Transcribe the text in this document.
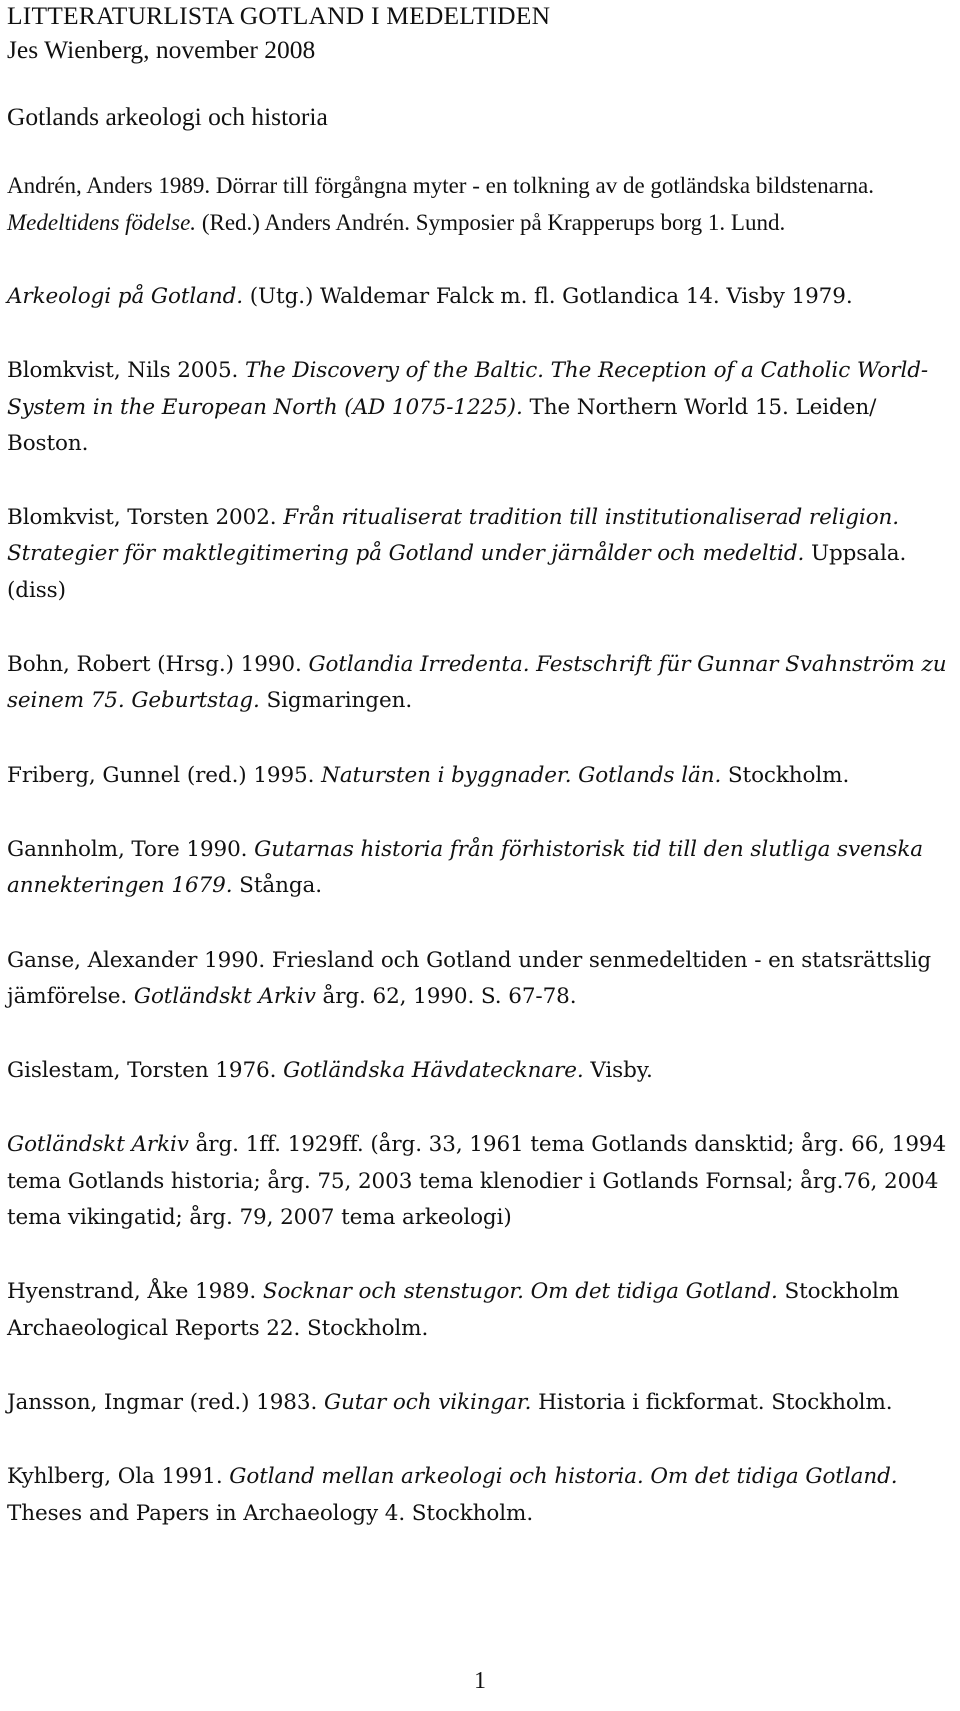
LITTERATURLISTA GOTLAND I MEDELTIDEN

Jes Wienberg, november 2008

Gotlands arkeologi och historia

Andrén, Anders 1989. Dörrar till förgångna myter - en tolkning av de gotländska bildstenarna. Medeltidens födelse. (Red.) Anders Andrén. Symposier på Krapperups borg 1. Lund.

Arkeologi på Gotland. (Utg.) Waldemar Falck m. fl. Gotlandica 14. Visby 1979.

Blomkvist, Nils 2005. The Discovery of the Baltic. The Reception of a Catholic World-System in the European North (AD 1075-1225). The Northern World 15. Leiden/ Boston.

Blomkvist, Torsten 2002. Från ritualiserat tradition till institutionaliserad religion. Strategier för maktlegitimering på Gotland under järnålder och medeltid. Uppsala. (diss)

Bohn, Robert (Hrsg.) 1990. Gotlandia Irredenta. Festschrift für Gunnar Svahnström zu seinem 75. Geburtstag. Sigmaringen.

Friberg, Gunnel (red.) 1995. Natursten i byggnader. Gotlands län. Stockholm.

Gannholm, Tore 1990. Gutarnas historia från förhistorisk tid till den slutliga svenska annekteringen 1679. Stånga.

Ganse, Alexander 1990. Friesland och Gotland under senmedeltiden - en statsrättslig jämförelse. Gotländskt Arkiv årg. 62, 1990. S. 67-78.

Gislestam, Torsten 1976. Gotländska Hävdatecknare. Visby.

Gotländskt Arkiv årg. 1ff. 1929ff. (årg. 33, 1961 tema Gotlands dansktid; årg. 66, 1994 tema Gotlands historia; årg. 75, 2003 tema klenodier i Gotlands Fornsal; årg.76, 2004 tema vikingatid; årg. 79, 2007 tema arkeologi)

Hyenstrand, Åke 1989. Socknar och stenstugor. Om det tidiga Gotland. Stockholm Archaeological Reports 22. Stockholm.

Jansson, Ingmar (red.) 1983. Gutar och vikingar. Historia i fickformat. Stockholm.

Kyhlberg, Ola 1991. Gotland mellan arkeologi och historia. Om det tidiga Gotland. Theses and Papers in Archaeology 4. Stockholm.

1
